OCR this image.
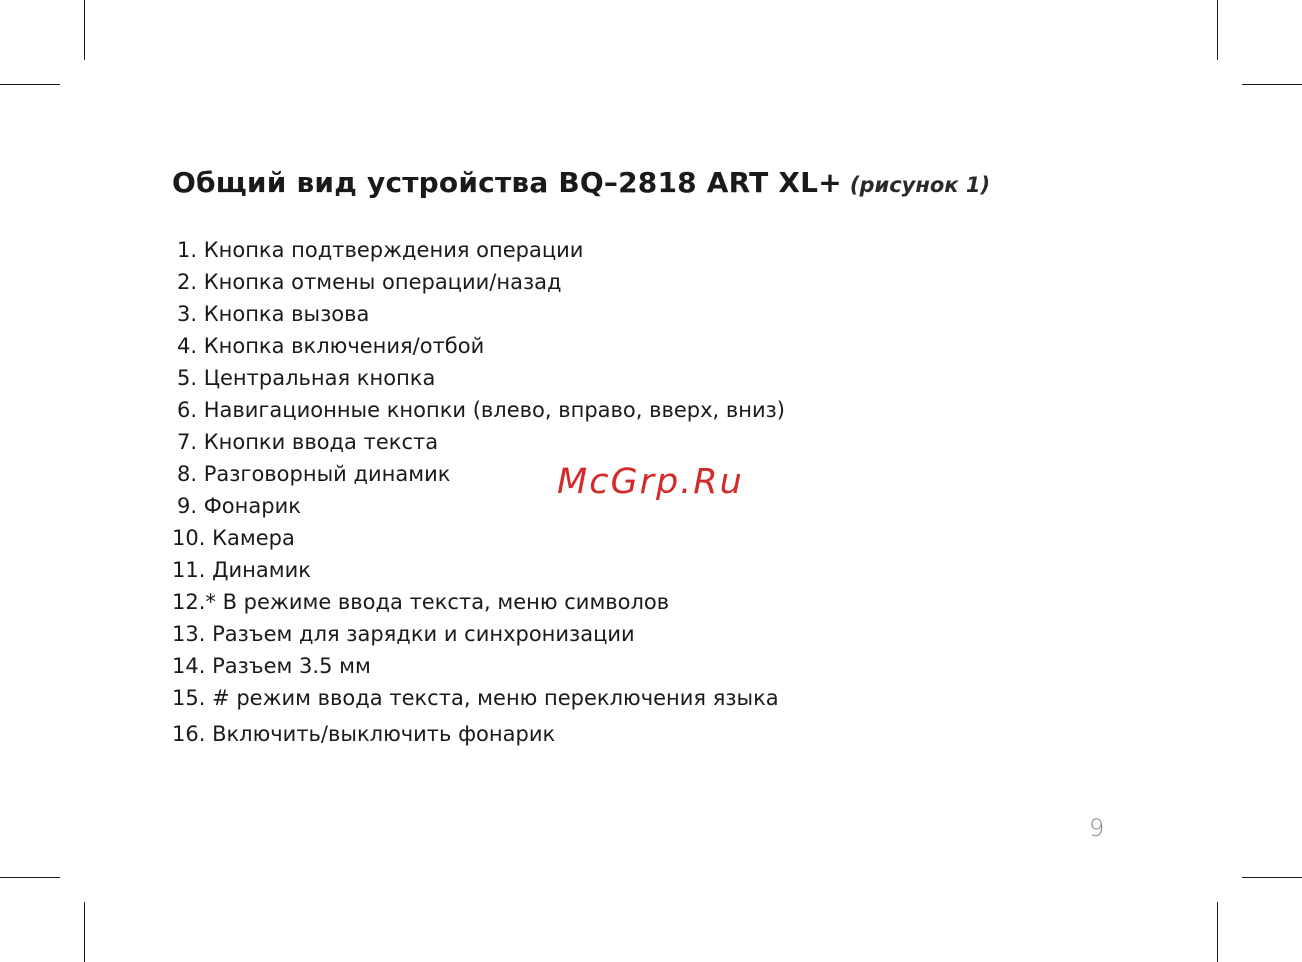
Общий вид устройства BQ–2818 ART XL+ (рисунок 1)
1. Кнопка подтверждения операции
2. Кнопка отмены операции/назад
3. Кнопка вызова
4. Кнопка включения/отбой
5. Центральная кнопка
6. Навигационные кнопки (влево, вправо, вверх, вниз)
7. Кнопки ввода текста
8. Разговорный динамик
9. Фонарик
10. Камера
11. Динамик
12.* В режиме ввода текста, меню символов
13. Разъем для зарядки и синхронизации
14. Разъем 3.5 мм
15. # режим ввода текста, меню переключения языка
16. Включить/выключить фонарик
McGrp.Ru
9
